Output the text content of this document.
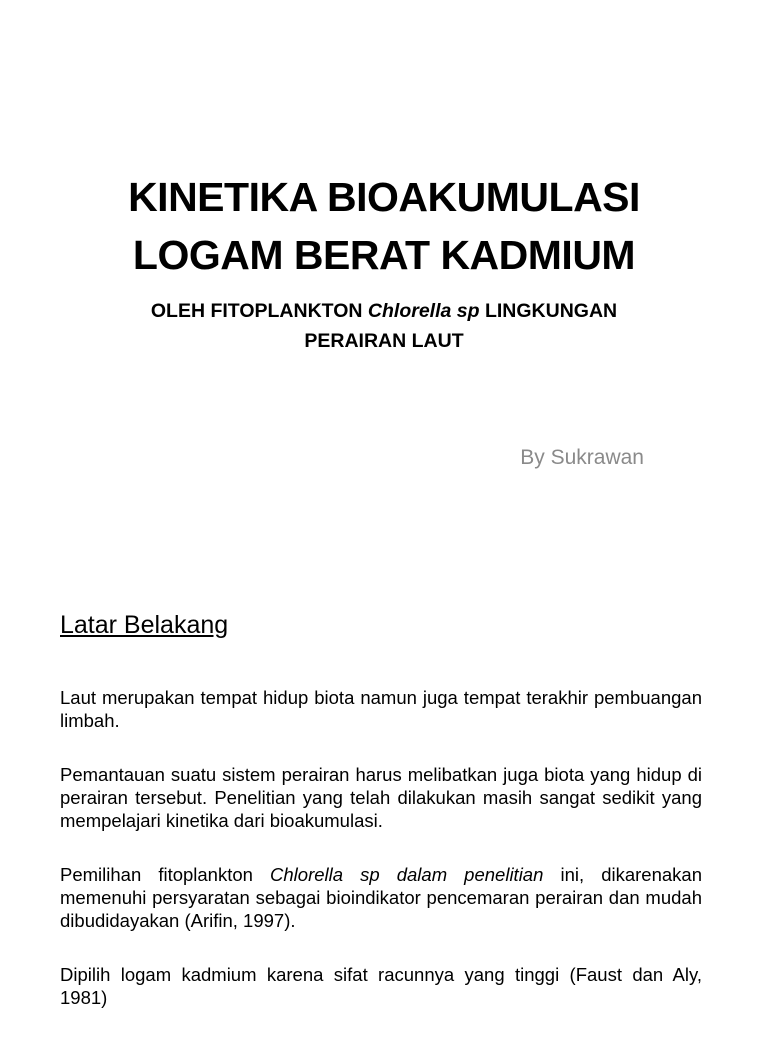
KINETIKA BIOAKUMULASI
LOGAM BERAT KADMIUM
OLEH FITOPLANKTON Chlorella sp LINGKUNGAN PERAIRAN LAUT
By Sukrawan
Latar Belakang

Laut merupakan tempat hidup biota namun juga tempat terakhir pembuangan limbah.

Pemantauan suatu sistem perairan harus melibatkan juga biota yang hidup di perairan tersebut. Penelitian yang telah dilakukan masih sangat sedikit yang mempelajari kinetika dari bioakumulasi.

Pemilihan fitoplankton Chlorella sp dalam penelitian ini, dikarenakan memenuhi persyaratan sebagai bioindikator pencemaran perairan dan mudah dibudidayakan (Arifin, 1997).

Dipilih logam kadmium karena sifat racunnya yang tinggi (Faust dan Aly, 1981)
